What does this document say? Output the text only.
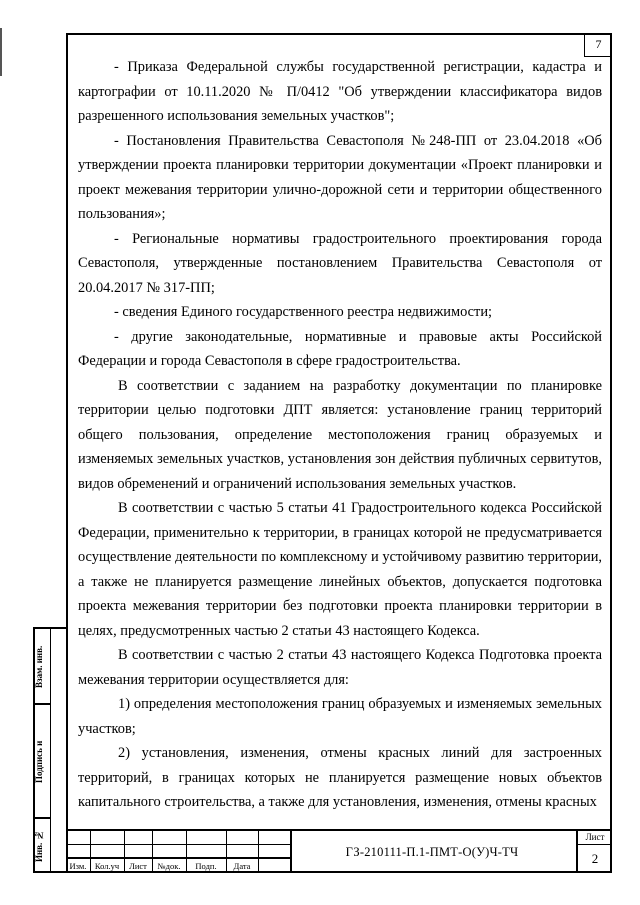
7

- Приказа Федеральной службы государственной регистрации, кадастра и картографии от 10.11.2020 № П/0412 "Об утверждении классификатора видов разрешенного использования земельных участков";

- Постановления Правительства Севастополя №248-ПП от 23.04.2018 «Об утверждении проекта планировки территории документации «Проект планировки и проект межевания территории улично-дорожной сети и территории общественного пользования»;

- Региональные нормативы градостроительного проектирования города Севастополя, утвержденные постановлением Правительства Севастополя от 20.04.2017 № 317-ПП;

- сведения Единого государственного реестра недвижимости;

- другие законодательные, нормативные и правовые акты Российской Федерации и города Севастополя в сфере градостроительства.

В соответствии с заданием на разработку документации по планировке территории целью подготовки ДПТ является: установление границ территорий общего пользования, определение местоположения границ образуемых и изменяемых земельных участков, установления зон действия публичных сервитутов, видов обременений и ограничений использования земельных участков.

В соответствии с частью 5 статьи 41 Градостроительного кодекса Российской Федерации, применительно к территории, в границах которой не предусматривается осуществление деятельности по комплексному и устойчивому развитию территории, а также не планируется размещение линейных объектов, допускается подготовка проекта межевания территории без подготовки проекта планировки территории в целях, предусмотренных частью 2 статьи 43 настоящего Кодекса.

В соответствии с частью 2 статьи 43 настоящего Кодекса Подготовка проекта межевания территории осуществляется для:

1) определения местоположения границ образуемых и изменяемых земельных участков;

2) установления, изменения, отмены красных линий для застроенных территорий, в границах которых не планируется размещение новых объектов капитального строительства, а также для установления, изменения, отмены красных

Взам. инв.
Подпись и
Инв. №
Изм. Кол.уч	Лист	№док.	Подп.	Дата
ГЗ-210111-П.1-ПМТ-О(У)Ч-ТЧ
Лист
2
